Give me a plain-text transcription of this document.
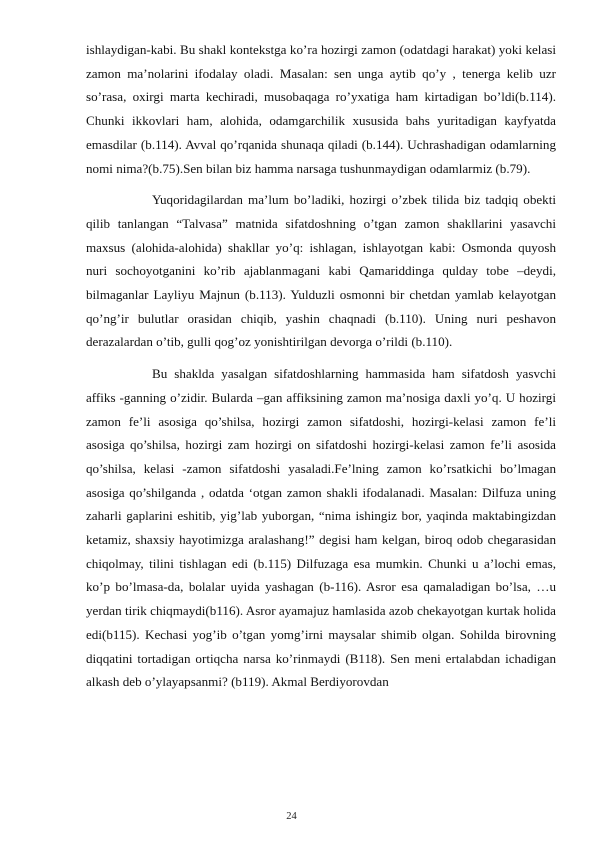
ishlaydigan-kabi. Bu shakl kontekstga ko’ra hozirgi zamon (odatdagi harakat) yoki kelasi zamon ma’nolarini ifodalay oladi. Masalan: sen unga aytib qo’y , tenerga kelib uzr so’rasa, oxirgi marta kechiradi, musobaqaga ro’yxatiga ham kirtadigan bo’ldi(b.114). Chunki ikkovlari ham, alohida, odamgarchilik xususida bahs yuritadigan kayfyatda emasdilar (b.114). Avval qo’rqanida shunaqa qiladi (b.144). Uchrashadigan odamlarning nomi nima?(b.75).Sen bilan biz hamma narsaga tushunmaydigan odamlarmiz (b.79).

Yuqoridagilardan ma’lum bo’ladiki, hozirgi o’zbek tilida biz tadqiq obekti qilib tanlangan “Talvasa” matnida sifatdoshning o’tgan zamon shakllarini yasavchi maxsus (alohida-alohida) shakllar yo’q: ishlagan, ishlayotgan kabi: Osmonda quyosh nuri sochoyotganini ko’rib ajablanmagani kabi Qamariddinga qulday tobe –deydi, bilmaganlar Layliyu Majnun (b.113). Yulduzli osmonni bir chetdan yamlab kelayotgan qo’ng’ir bulutlar orasidan chiqib, yashin chaqnadi (b.110). Uning nuri peshavon derazalardan o’tib, gulli qog’oz yonishtirilgan devorga o’rildi (b.110).

Bu shaklda yasalgan sifatdoshlarning hammasida ham sifatdosh yasvchi affiks -ganning o’zidir. Bularda –gan affiksining zamon ma’nosiga daxli yo’q. U hozirgi zamon fe’li asosiga qo’shilsa, hozirgi zamon sifatdoshi, hozirgi-kelasi zamon fe’li asosiga qo’shilsa, hozirgi zam hozirgi on sifatdoshi hozirgi-kelasi zamon fe’li asosida qo’shilsa, kelasi -zamon sifatdoshi yasaladi.Fe’lning zamon ko’rsatkichi bo’lmagan asosiga qo’shilganda , odatda ‘otgan zamon shakli ifodalanadi. Masalan: Dilfuza uning zaharli gaplarini eshitib, yig’lab yuborgan, “nima ishingiz bor, yaqinda maktabingizdan ketamiz, shaxsiy hayotimizga aralashang!” degisi ham kelgan, biroq odob chegarasidan chiqolmay, tilini tishlagan edi (b.115) Dilfuzaga esa mumkin. Chunki u a’lochi emas, ko’p bo’lmasa-da, bolalar uyida yashagan (b-116). Asror esa qamaladigan bo’lsa, …u yerdan tirik chiqmaydi(b116). Asror ayamajuz hamlasida azob chekayotgan kurtak holida edi(b115). Kechasi yog’ib o’tgan yomg’irni maysalar shimib olgan. Sohilda birovning diqqatini tortadigan ortiqcha narsa ko’rinmaydi (B118). Sen meni ertalabdan ichadigan alkash deb o’ylayapsanmi? (b119). Akmal Berdiyorovdan

24
